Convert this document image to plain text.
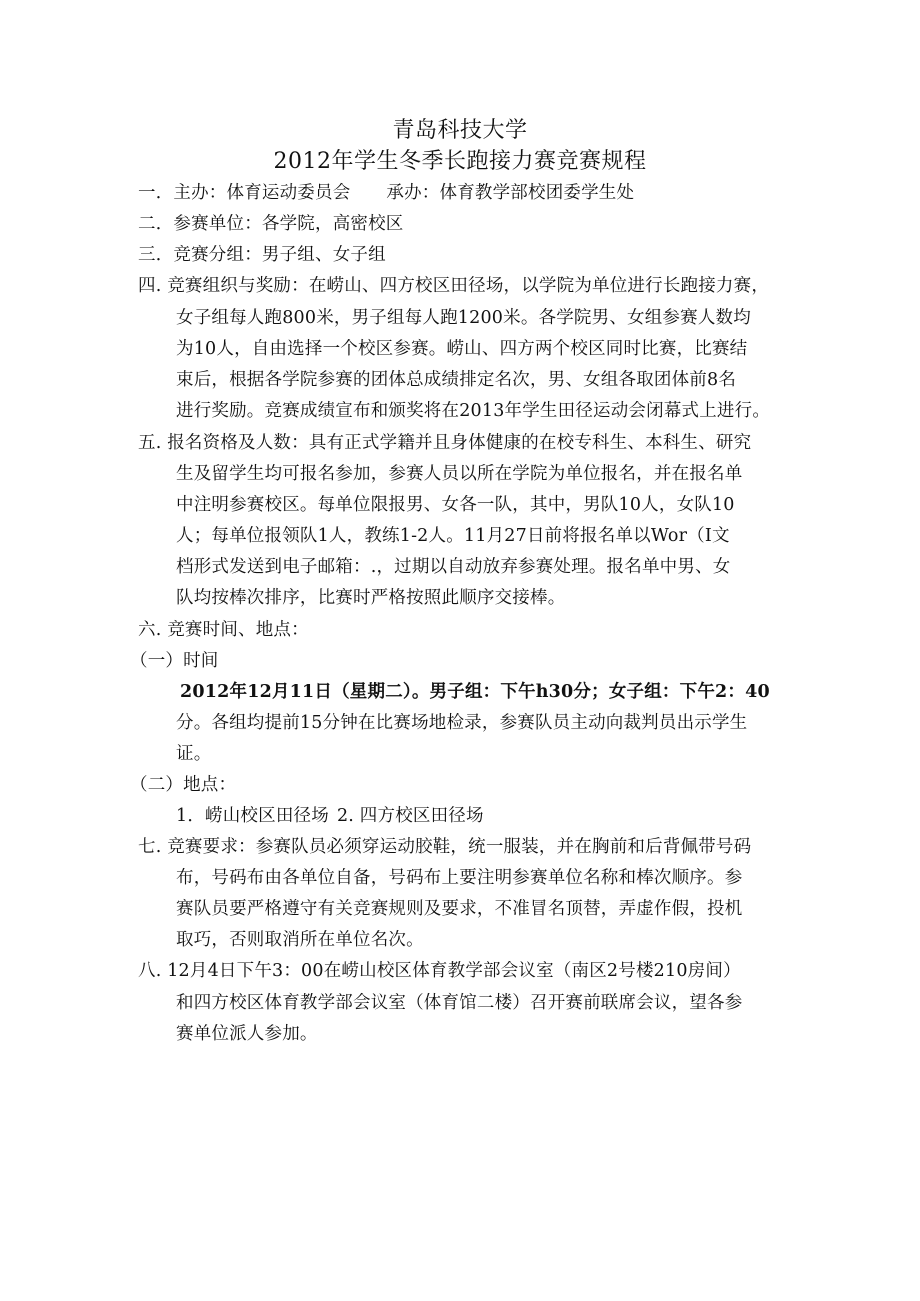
青岛科技大学
2012年学生冬季长跑接力赛竞赛规程
一．主办：体育运动委员会 承办：体育教学部校团委学生处
二．参赛单位：各学院，高密校区
三．竞赛分组：男子组、女子组
四. 竞赛组织与奖励：在崂山、四方校区田径场，以学院为单位进行长跑接力赛，
女子组每人跑800米，男子组每人跑1200米。各学院男、女组参赛人数均
为10人，自由选择一个校区参赛。崂山、四方两个校区同时比赛，比赛结
束后，根据各学院参赛的团体总成绩排定名次，男、女组各取团体前8名
进行奖励。竞赛成绩宣布和颁奖将在2013年学生田径运动会闭幕式上进行。
五. 报名资格及人数：具有正式学籍并且身体健康的在校专科生、本科生、研究
生及留学生均可报名参加，参赛人员以所在学院为单位报名，并在报名单
中注明参赛校区。每单位限报男、女各一队，其中，男队10人，女队10
人；每单位报领队1人，教练1-2人。11月27日前将报名单以Wor（I文
档形式发送到电子邮箱：.，过期以自动放弃参赛处理。报名单中男、女
队均按棒次排序，比赛时严格按照此顺序交接棒。
六. 竞赛时间、地点：
（一）时间
2012年12月11日（星期二）。男子组：下午h30分；女子组：下午2：40
分。各组均提前15分钟在比赛场地检录，参赛队员主动向裁判员出示学生
证。
（二）地点：
1．崂山校区田径场 2. 四方校区田径场
七. 竞赛要求：参赛队员必须穿运动胶鞋，统一服装，并在胸前和后背佩带号码
布，号码布由各单位自备，号码布上要注明参赛单位名称和棒次顺序。参
赛队员要严格遵守有关竞赛规则及要求，不准冒名顶替，弄虚作假，投机
取巧，否则取消所在单位名次。
八. 12月4日下午3：00在崂山校区体育教学部会议室（南区2号楼210房间）
和四方校区体育教学部会议室（体育馆二楼）召开赛前联席会议，望各参
赛单位派人参加。
